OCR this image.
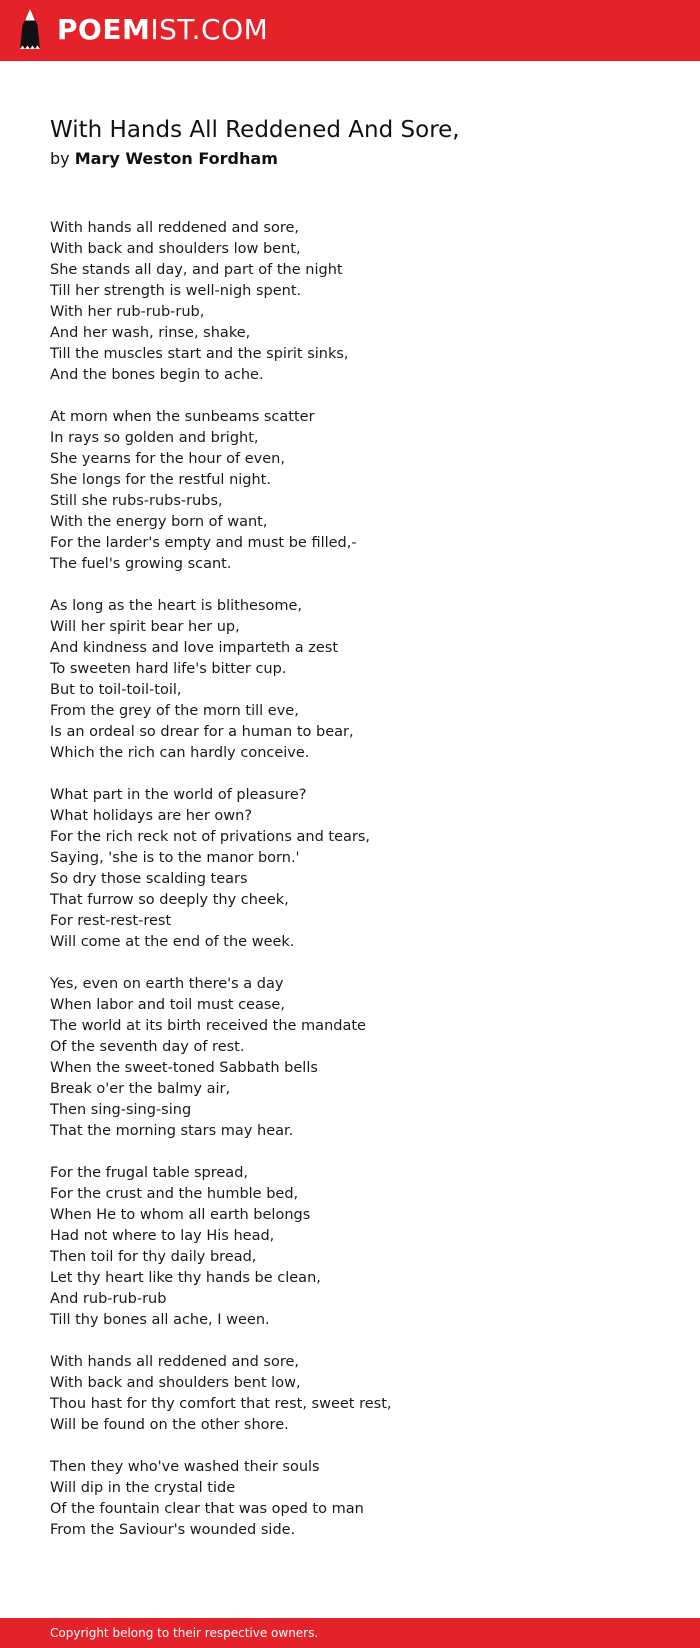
POEMIST.COM
With Hands All Reddened And Sore,
by Mary Weston Fordham
With hands all reddened and sore,
With back and shoulders low bent,
She stands all day, and part of the night
Till her strength is well-nigh spent.
With her rub-rub-rub,
And her wash, rinse, shake,
Till the muscles start and the spirit sinks,
And the bones begin to ache.
At morn when the sunbeams scatter
In rays so golden and bright,
She yearns for the hour of even,
She longs for the restful night.
Still she rubs-rubs-rubs,
With the energy born of want,
For the larder's empty and must be filled,-
The fuel's growing scant.
As long as the heart is blithesome,
Will her spirit bear her up,
And kindness and love imparteth a zest
To sweeten hard life's bitter cup.
But to toil-toil-toil,
From the grey of the morn till eve,
Is an ordeal so drear for a human to bear,
Which the rich can hardly conceive.
What part in the world of pleasure?
What holidays are her own?
For the rich reck not of privations and tears,
Saying, 'she is to the manor born.'
So dry those scalding tears
That furrow so deeply thy cheek,
For rest-rest-rest
Will come at the end of the week.
Yes, even on earth there's a day
When labor and toil must cease,
The world at its birth received the mandate
Of the seventh day of rest.
When the sweet-toned Sabbath bells
Break o'er the balmy air,
Then sing-sing-sing
That the morning stars may hear.
For the frugal table spread,
For the crust and the humble bed,
When He to whom all earth belongs
Had not where to lay His head,
Then toil for thy daily bread,
Let thy heart like thy hands be clean,
And rub-rub-rub
Till thy bones all ache, I ween.
With hands all reddened and sore,
With back and shoulders bent low,
Thou hast for thy comfort that rest, sweet rest,
Will be found on the other shore.
Then they who've washed their souls
Will dip in the crystal tide
Of the fountain clear that was oped to man
From the Saviour's wounded side.
Copyright belong to their respective owners.
